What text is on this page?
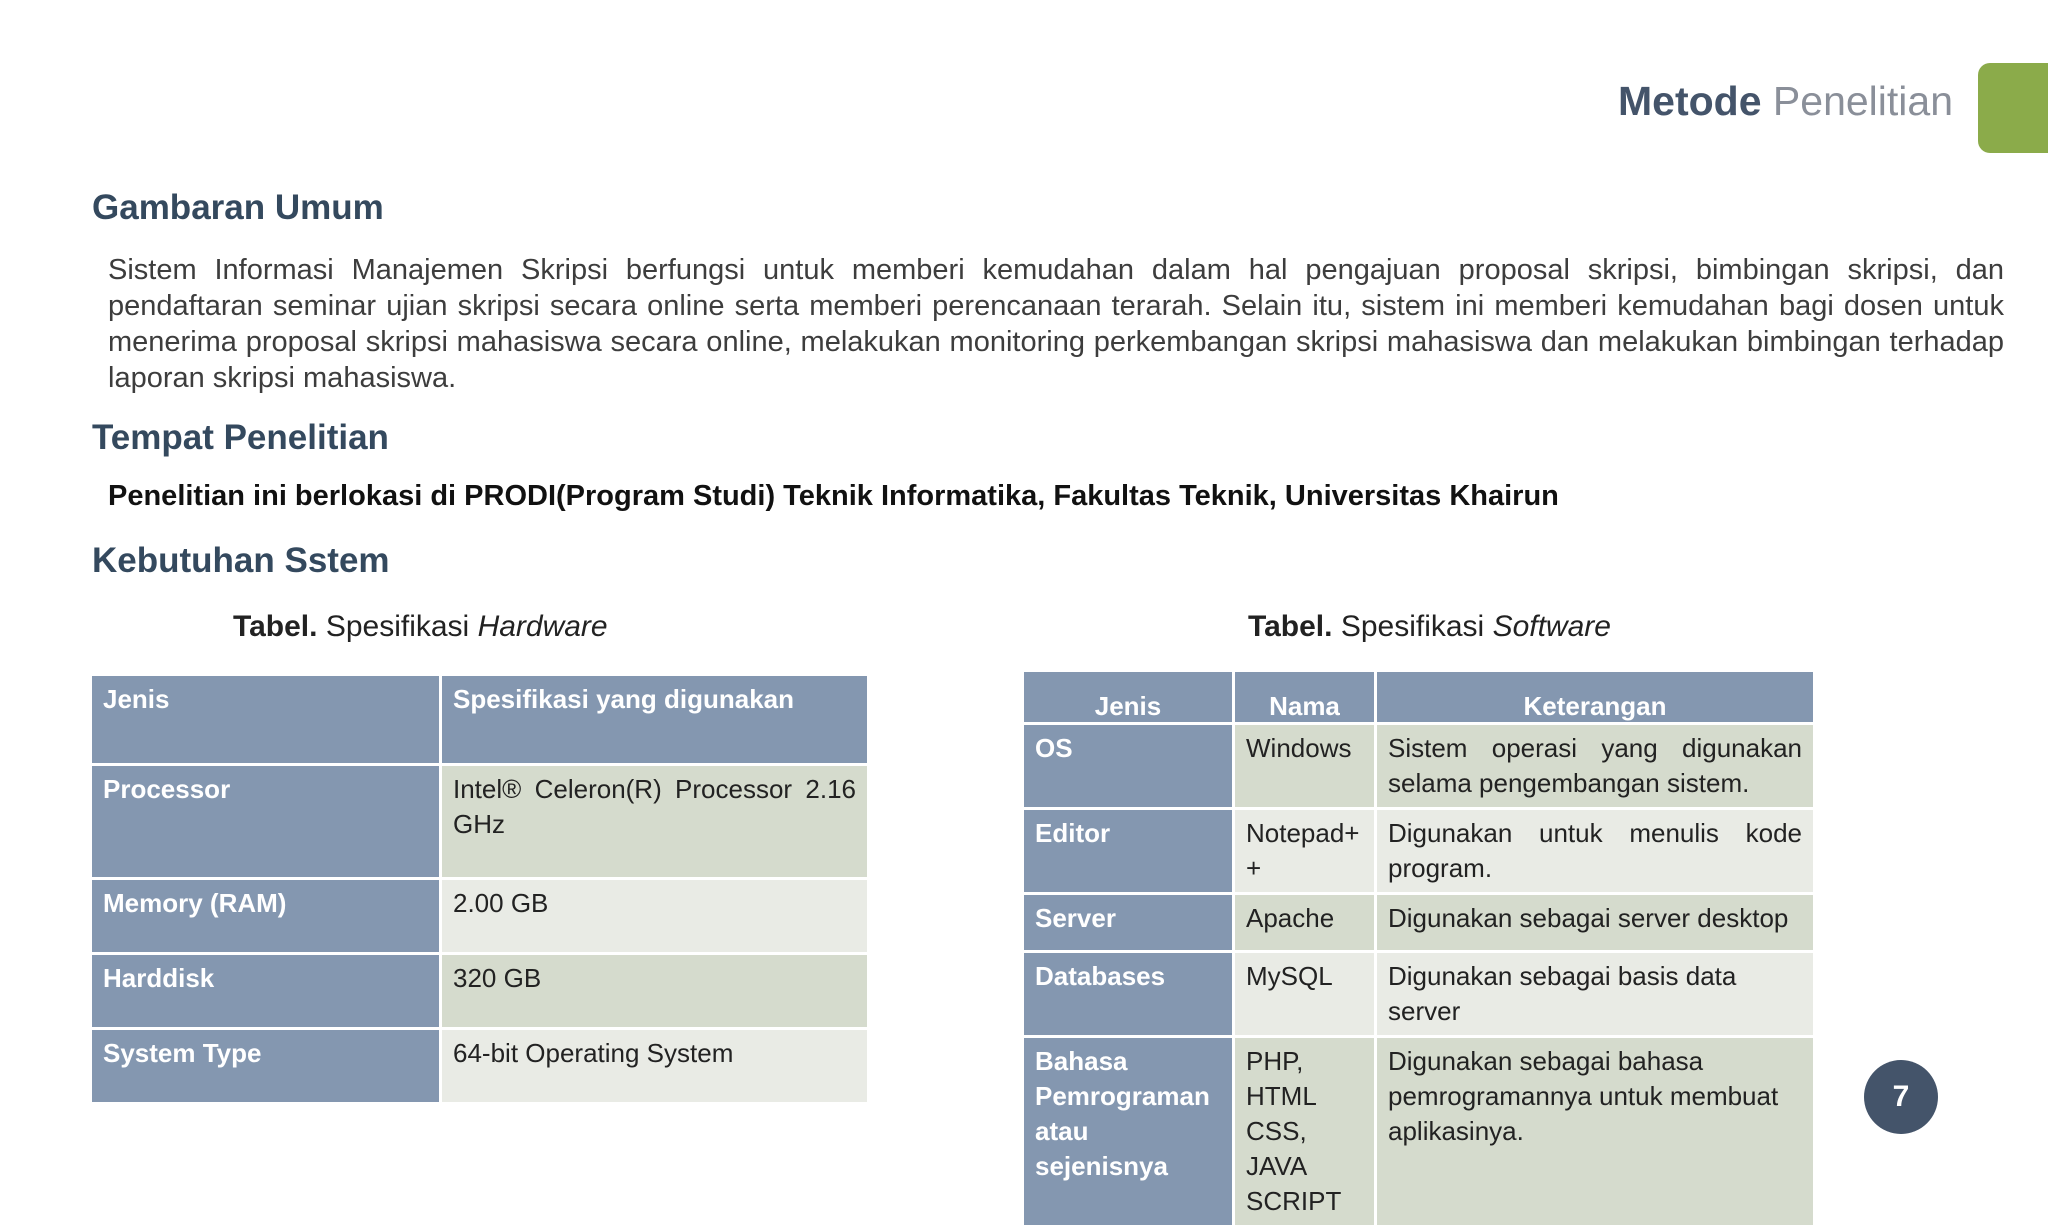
Metode Penelitian
Gambaran Umum
Sistem Informasi Manajemen Skripsi berfungsi untuk memberi kemudahan dalam hal pengajuan proposal skripsi, bimbingan skripsi, dan pendaftaran seminar ujian skripsi secara online serta memberi perencanaan terarah. Selain itu, sistem ini memberi kemudahan bagi dosen untuk menerima proposal skripsi mahasiswa secara online, melakukan monitoring perkembangan skripsi mahasiswa dan melakukan bimbingan terhadap laporan skripsi mahasiswa.
Tempat Penelitian
Penelitian ini berlokasi di PRODI(Program Studi) Teknik Informatika, Fakultas Teknik, Universitas Khairun
Kebutuhan Sstem
Tabel. Spesifikasi Hardware	Tabel. Spesifikasi Software
Jenis	Spesifikasi yang digunakan
Processor	Intel® Celeron(R) Processor 2.16 GHz
Memory (RAM)	2.00 GB
Harddisk	320 GB
System Type	64-bit Operating System
Jenis	Nama	Keterangan
OS	Windows	Sistem operasi yang digunakan selama pengembangan sistem.
Editor	Notepad++	Digunakan untuk menulis kode program.
Server	Apache	Digunakan sebagai server desktop
Databases	MySQL	Digunakan sebagai basis data server
Bahasa Pemrograman atau sejenisnya	PHP, HTML CSS, JAVA SCRIPT	Digunakan sebagai bahasa pemrogramannya untuk membuat aplikasinya.
7
